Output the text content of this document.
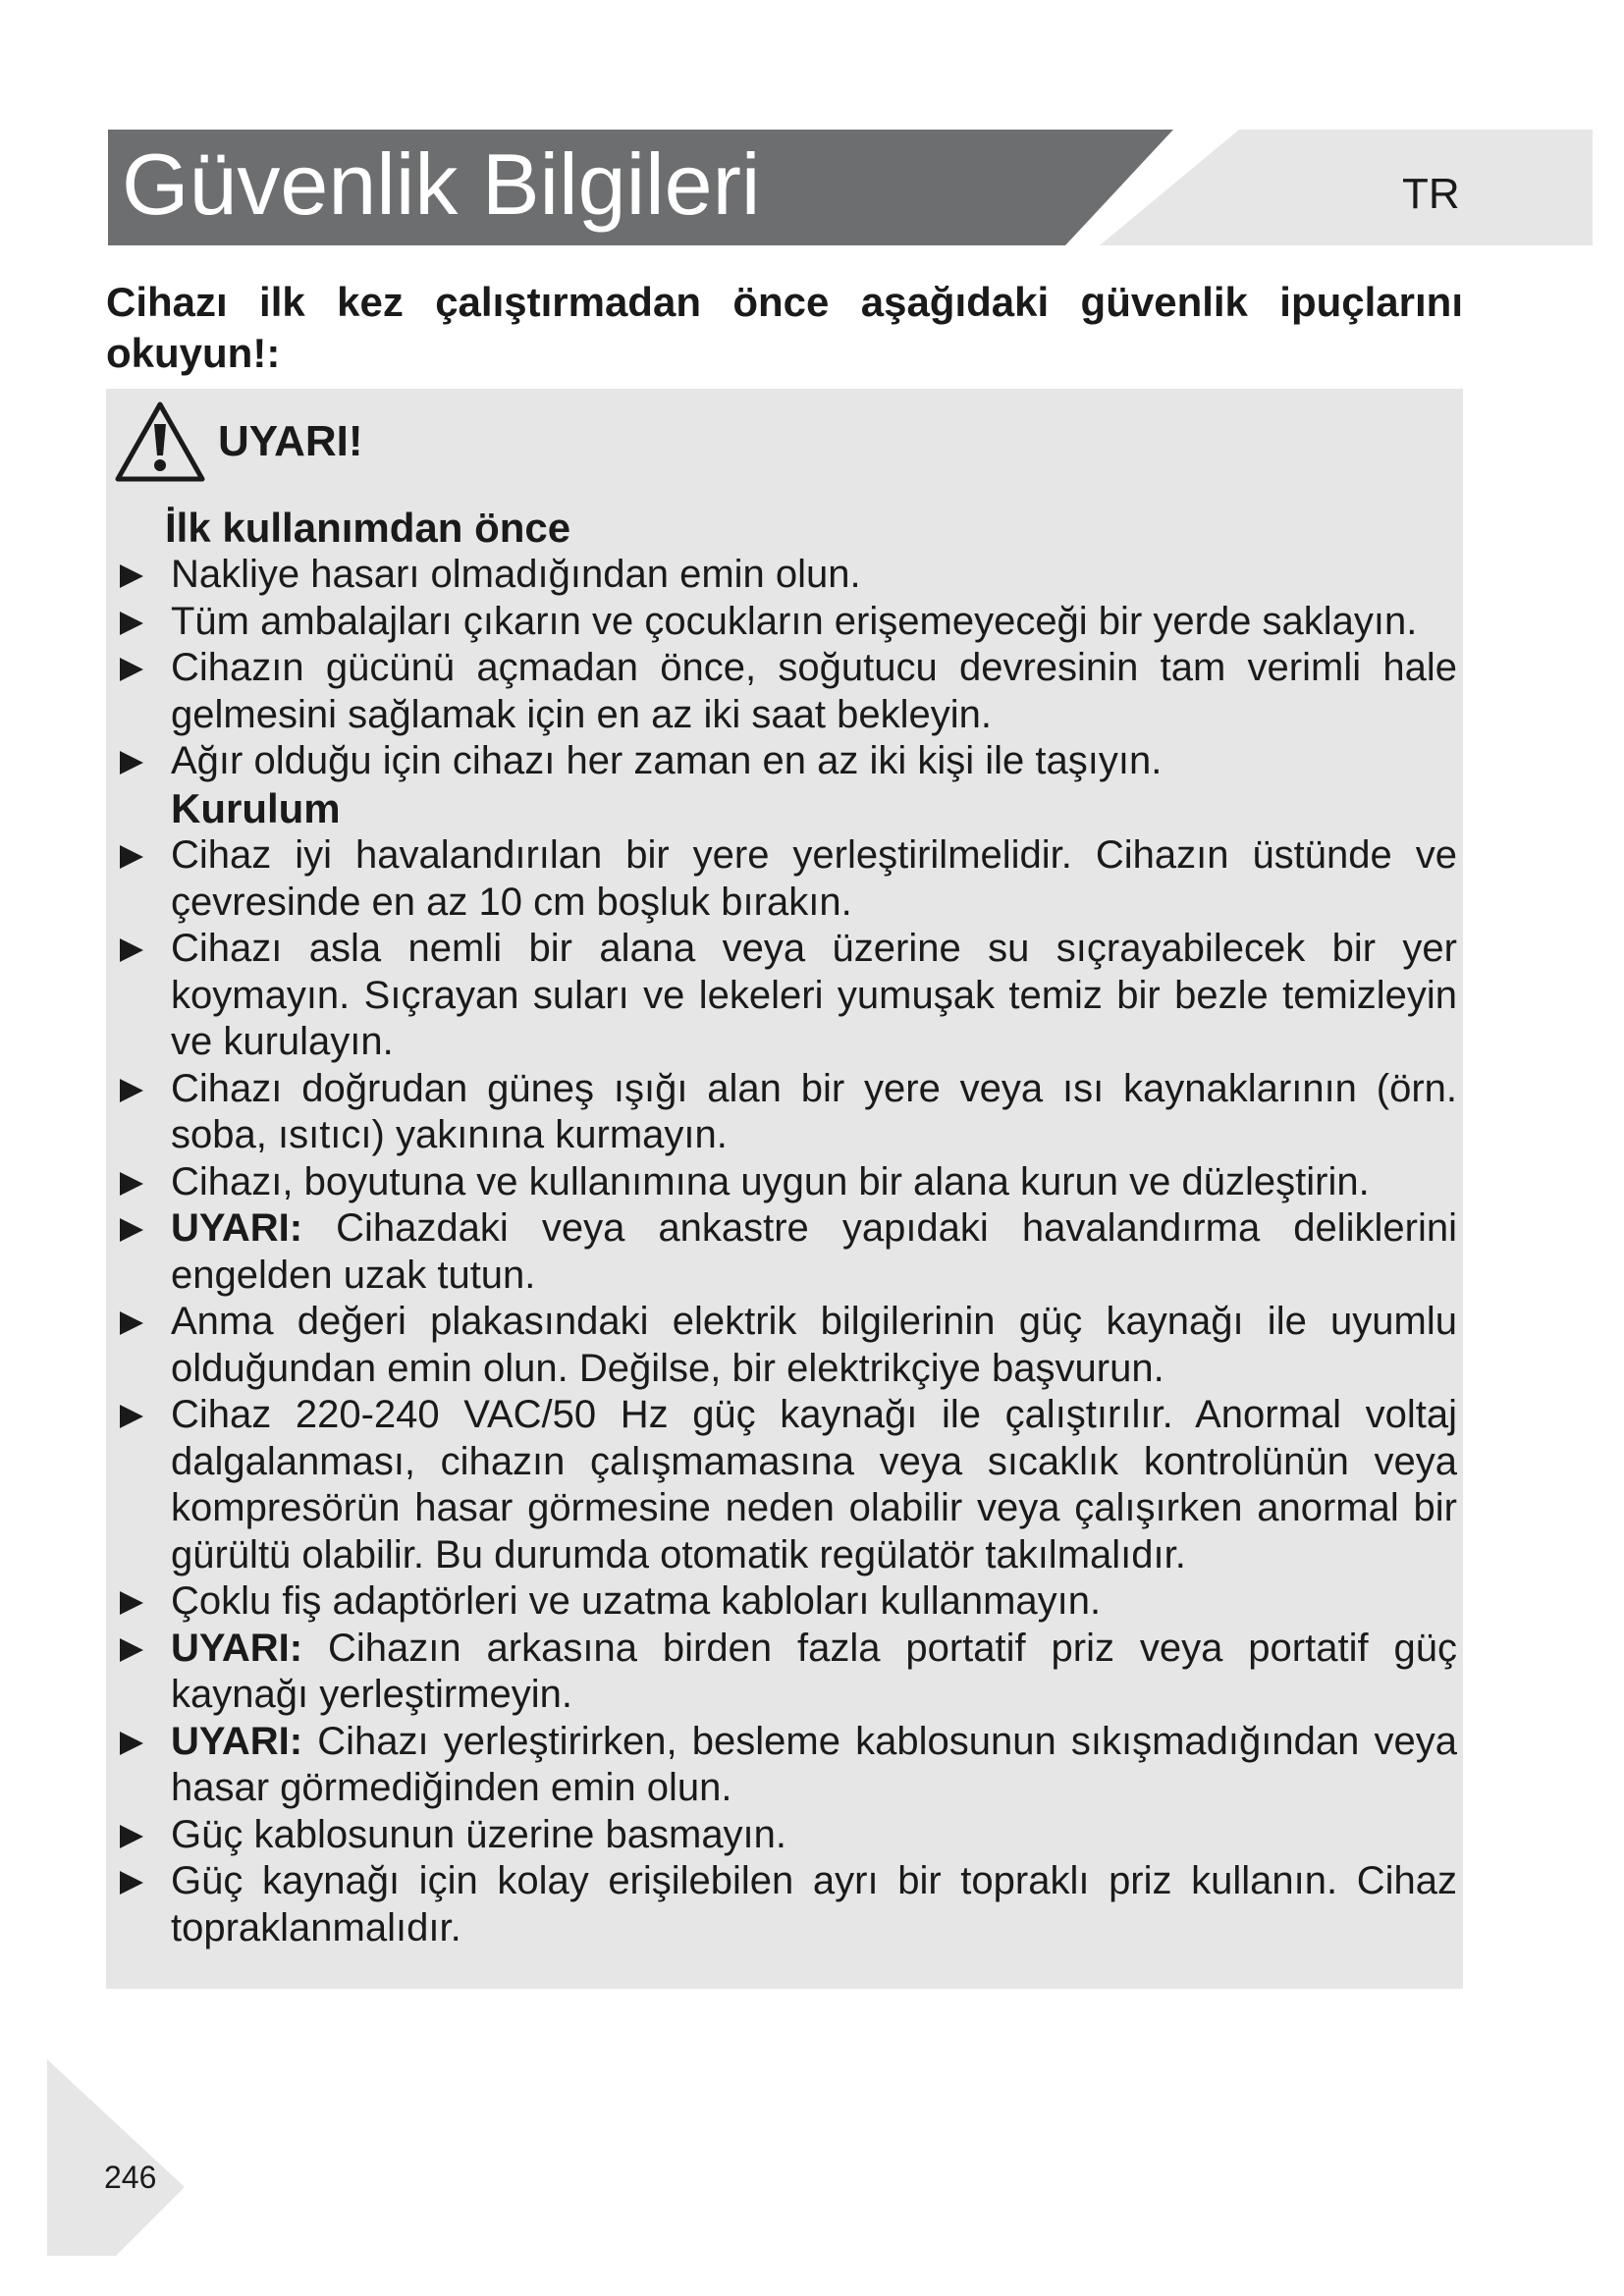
Güvenlik Bilgileri	TR

Cihazı ilk kez çalıştırmadan önce aşağıdaki güvenlik ipuçlarını okuyun!:

UYARI!
İlk kullanımdan önce
Nakliye hasarı olmadığından emin olun.
Tüm ambalajları çıkarın ve çocukların erişemeyeceği bir yerde saklayın.
Cihazın gücünü açmadan önce, soğutucu devresinin tam verimli hale gelmesini sağlamak için en az iki saat bekleyin.
Ağır olduğu için cihazı her zaman en az iki kişi ile taşıyın.
Kurulum
Cihaz iyi havalandırılan bir yere yerleştirilmelidir. Cihazın üstünde ve çevresinde en az 10 cm boşluk bırakın.
Cihazı asla nemli bir alana veya üzerine su sıçrayabilecek bir yer koymayın. Sıçrayan suları ve lekeleri yumuşak temiz bir bezle temizleyin ve kurulayın.
Cihazı doğrudan güneş ışığı alan bir yere veya ısı kaynaklarının (örn. soba, ısıtıcı) yakınına kurmayın.
Cihazı, boyutuna ve kullanımına uygun bir alana kurun ve düzleştirin.
UYARI: Cihazdaki veya ankastre yapıdaki havalandırma deliklerini engelden uzak tutun.
Anma değeri plakasındaki elektrik bilgilerinin güç kaynağı ile uyumlu olduğundan emin olun. Değilse, bir elektrikçiye başvurun.
Cihaz 220-240 VAC/50 Hz güç kaynağı ile çalıştırılır. Anormal voltaj dalgalanması, cihazın çalışmamasına veya sıcaklık kontrolünün veya kompresörün hasar görmesine neden olabilir veya çalışırken anormal bir gürültü olabilir. Bu durumda otomatik regülatör takılmalıdır.
Çoklu fiş adaptörleri ve uzatma kabloları kullanmayın.
UYARI: Cihazın arkasına birden fazla portatif priz veya portatif güç kaynağı yerleştirmeyin.
UYARI: Cihazı yerleştirirken, besleme kablosunun sıkışmadığından veya hasar görmediğinden emin olun.
Güç kablosunun üzerine basmayın.
Güç kaynağı için kolay erişilebilen ayrı bir topraklı priz kullanın. Cihaz topraklanmalıdır.
246
